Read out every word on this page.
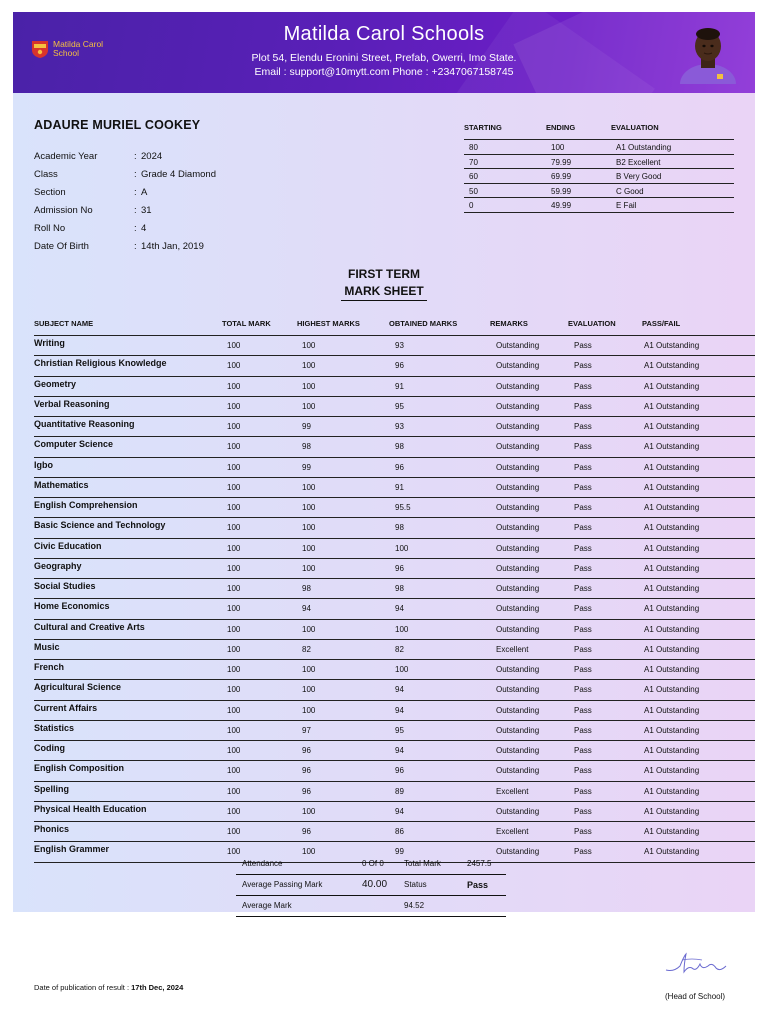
Matilda Carol
School
Matilda Carol Schools
Plot 54, Elendu Eronini Street, Prefab, Owerri, Imo State.
Email : support@10mytt.com Phone : +2347067158745
ADAURE MURIEL COOKEY
Academic Year	: 2024
Class	: Grade 4 Diamond
Section	: A
Admission No	: 31
Roll No	: 4
Date Of Birth	: 14th Jan, 2019
STARTING	ENDING	EVALUATION
80	100	A1 Outstanding
70	79.99	B2 Excellent
60	69.99	B Very Good
50	59.99	C Good
0	49.99	E Fail
FIRST TERM
MARK SHEET
SUBJECT NAME	TOTAL MARK	HIGHEST MARKS	OBTAINED MARKS	REMARKS	EVALUATION	PASS/FAIL
Writing	100	100	93	Outstanding	Pass	A1 Outstanding
Christian Religious Knowledge	100	100	96	Outstanding	Pass	A1 Outstanding
Geometry	100	100	91	Outstanding	Pass	A1 Outstanding
Verbal Reasoning	100	100	95	Outstanding	Pass	A1 Outstanding
Quantitative Reasoning	100	99	93	Outstanding	Pass	A1 Outstanding
Computer Science	100	98	98	Outstanding	Pass	A1 Outstanding
Igbo	100	99	96	Outstanding	Pass	A1 Outstanding
Mathematics	100	100	91	Outstanding	Pass	A1 Outstanding
English Comprehension	100	100	95.5	Outstanding	Pass	A1 Outstanding
Basic Science and Technology	100	100	98	Outstanding	Pass	A1 Outstanding
Civic Education	100	100	100	Outstanding	Pass	A1 Outstanding
Geography	100	100	96	Outstanding	Pass	A1 Outstanding
Social Studies	100	98	98	Outstanding	Pass	A1 Outstanding
Home Economics	100	94	94	Outstanding	Pass	A1 Outstanding
Cultural and Creative Arts	100	100	100	Outstanding	Pass	A1 Outstanding
Music	100	82	82	Excellent	Pass	A1 Outstanding
French	100	100	100	Outstanding	Pass	A1 Outstanding
Agricultural Science	100	100	94	Outstanding	Pass	A1 Outstanding
Current Affairs	100	100	94	Outstanding	Pass	A1 Outstanding
Statistics	100	97	95	Outstanding	Pass	A1 Outstanding
Coding	100	96	94	Outstanding	Pass	A1 Outstanding
English Composition	100	96	96	Outstanding	Pass	A1 Outstanding
Spelling	100	96	89	Excellent	Pass	A1 Outstanding
Physical Health Education	100	100	94	Outstanding	Pass	A1 Outstanding
Phonics	100	96	86	Excellent	Pass	A1 Outstanding
English Grammer	100	100	99	Outstanding	Pass	A1 Outstanding
Attendance	0 Of 0	Total Mark	2457.5
Average Passing Mark	40.00 Status	Pass
Average Mark	94.52
Date of publication of result : 17th Dec, 2024
(Head of School)
